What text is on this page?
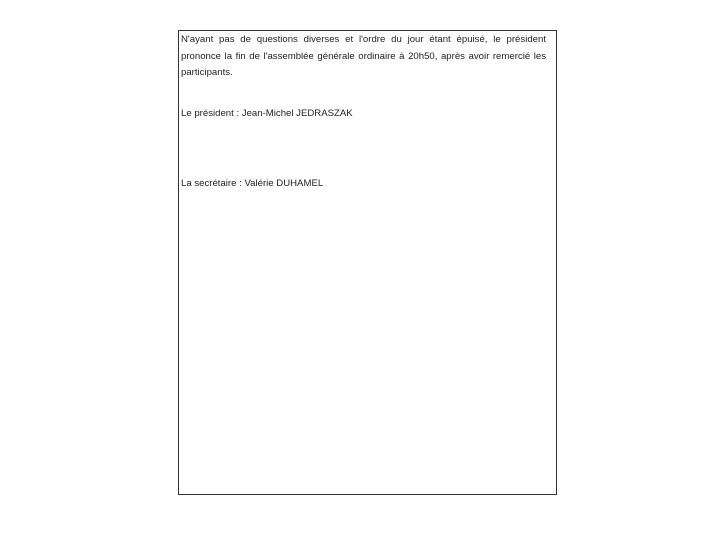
N'ayant pas de questions diverses et l'ordre du jour étant épuisé, le président prononce la fin de l'assemblée générale ordinaire à 20h50, après avoir remercié les participants.

Le président : Jean-Michel JEDRASZAK

La secrétaire : Valérie DUHAMEL
